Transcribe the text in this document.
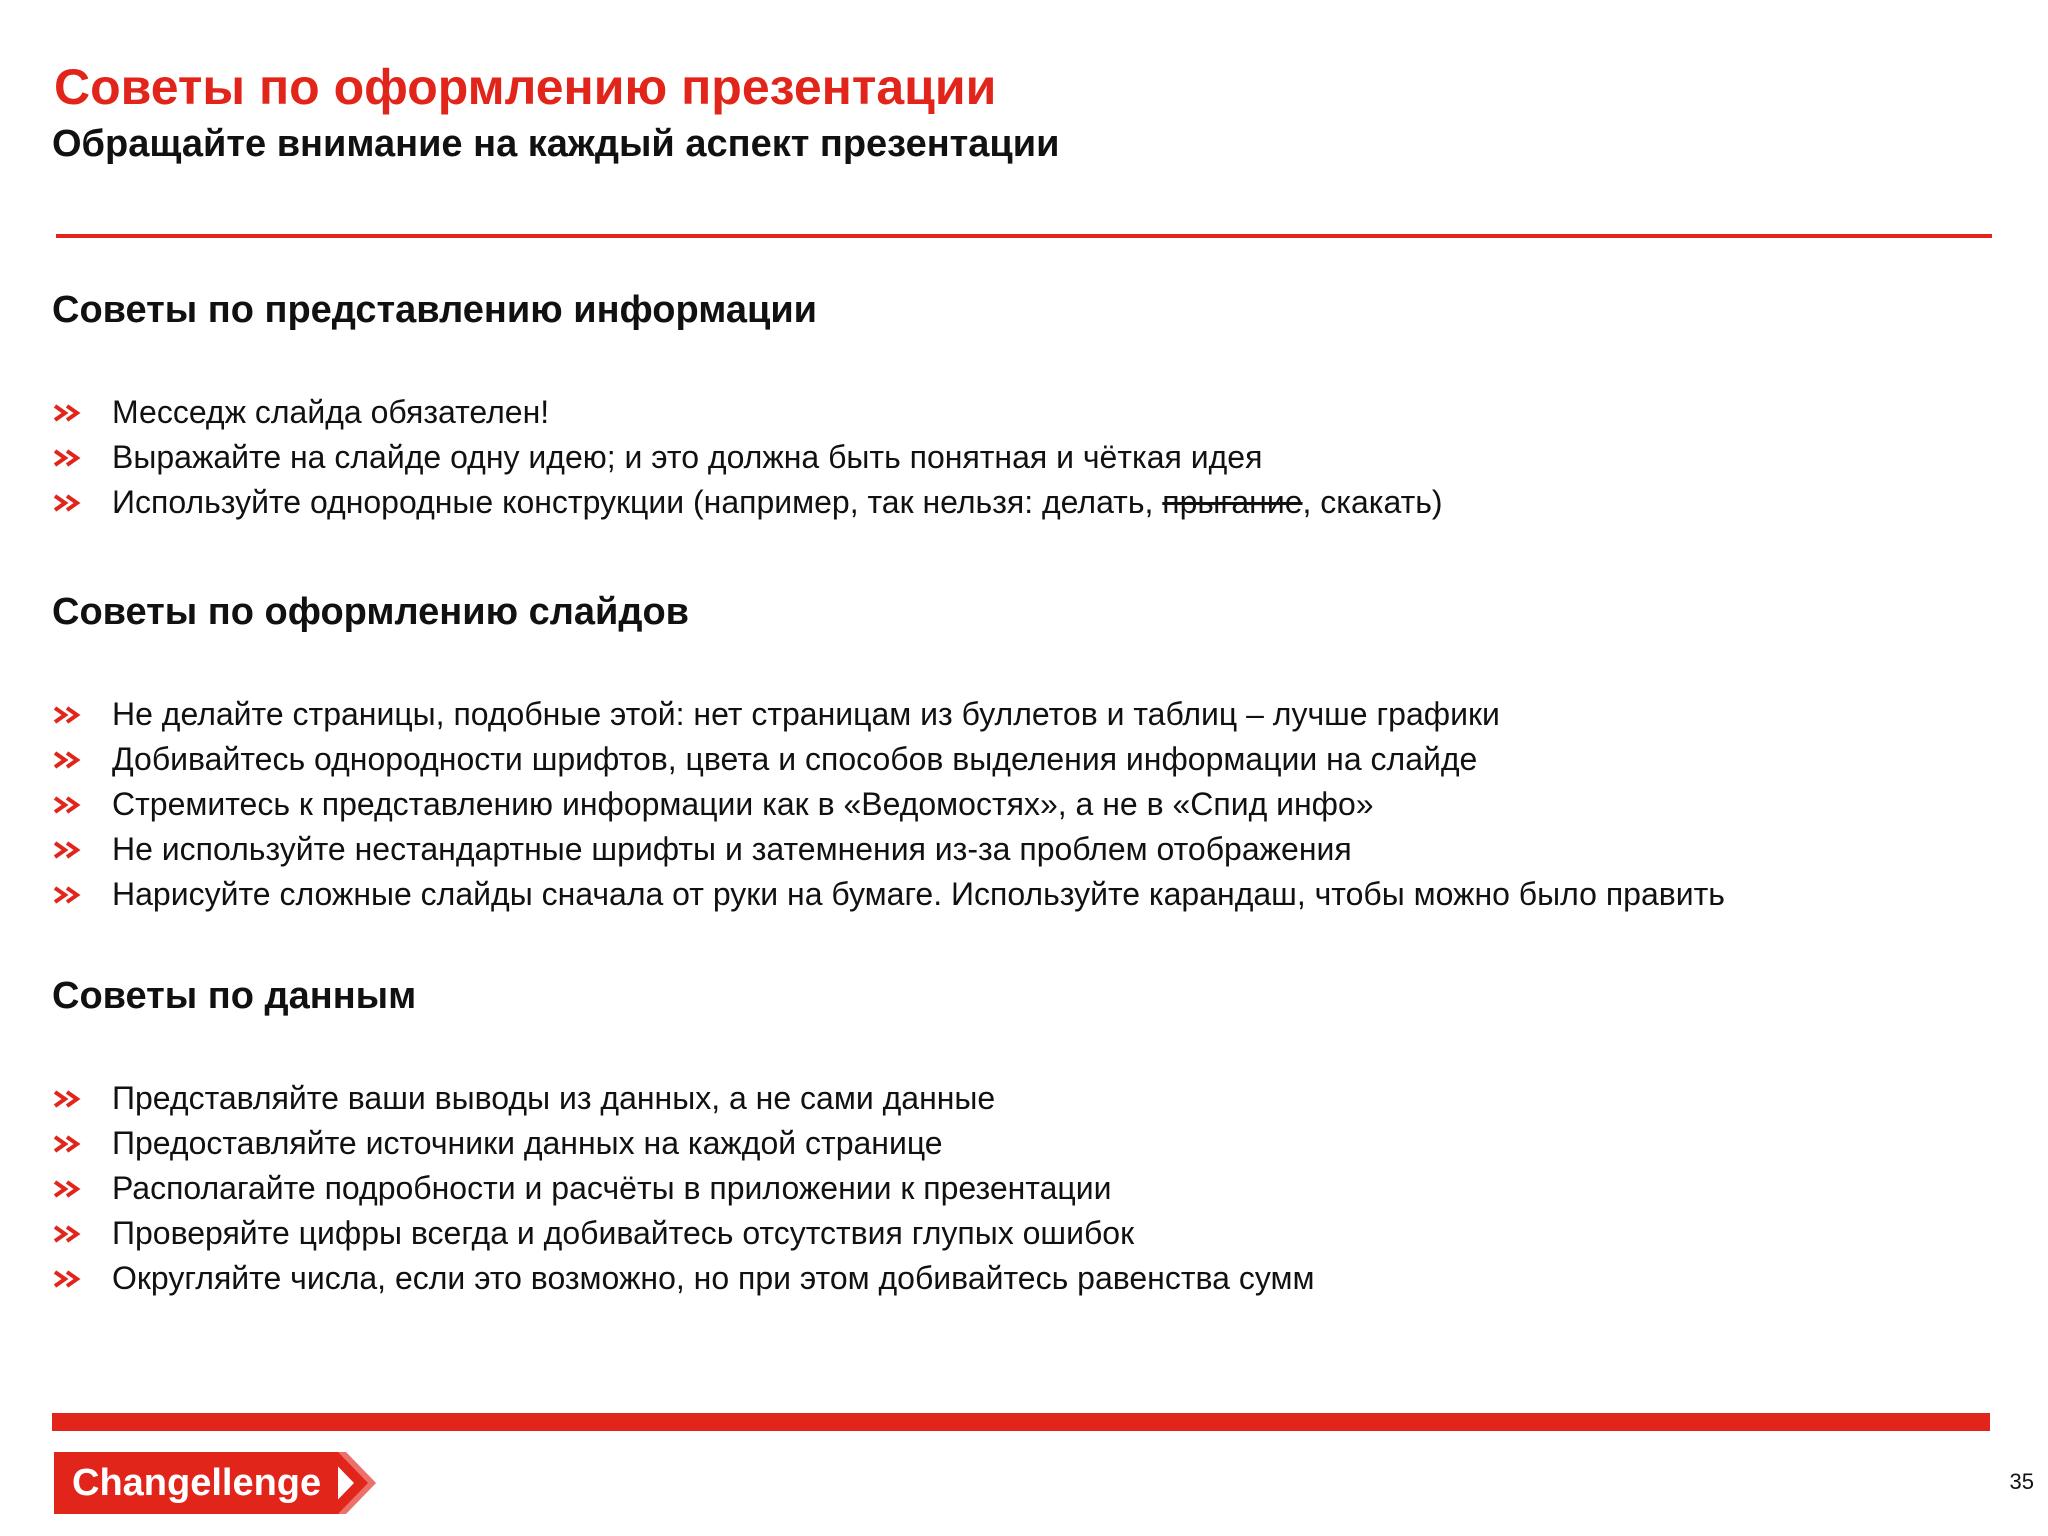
Советы по оформлению презентации
Обращайте внимание на каждый аспект презентации
Советы по представлению информации
Месседж слайда обязателен!
Выражайте на слайде одну идею; и это должна быть понятная и чёткая идея
Используйте однородные конструкции (например, так нельзя: делать, прыгание, скакать)
Советы по оформлению слайдов
Не делайте страницы, подобные этой: нет страницам из буллетов и таблиц – лучше графики
Добивайтесь однородности шрифтов, цвета и способов выделения информации на слайде
Стремитесь к представлению информации как в «Ведомостях», а не в «Спид инфо»
Не используйте нестандартные шрифты и затемнения из-за проблем отображения
Нарисуйте сложные слайды сначала от руки на бумаге. Используйте карандаш, чтобы можно было править
Советы по данным
Представляйте ваши выводы из данных, а не сами данные
Предоставляйте источники данных на каждой странице
Располагайте подробности и расчёты в приложении к презентации
Проверяйте цифры всегда и добивайтесь отсутствия глупых ошибок
Округляйте числа, если это возможно, но при этом добивайтесь равенства сумм
Changellenge	35
